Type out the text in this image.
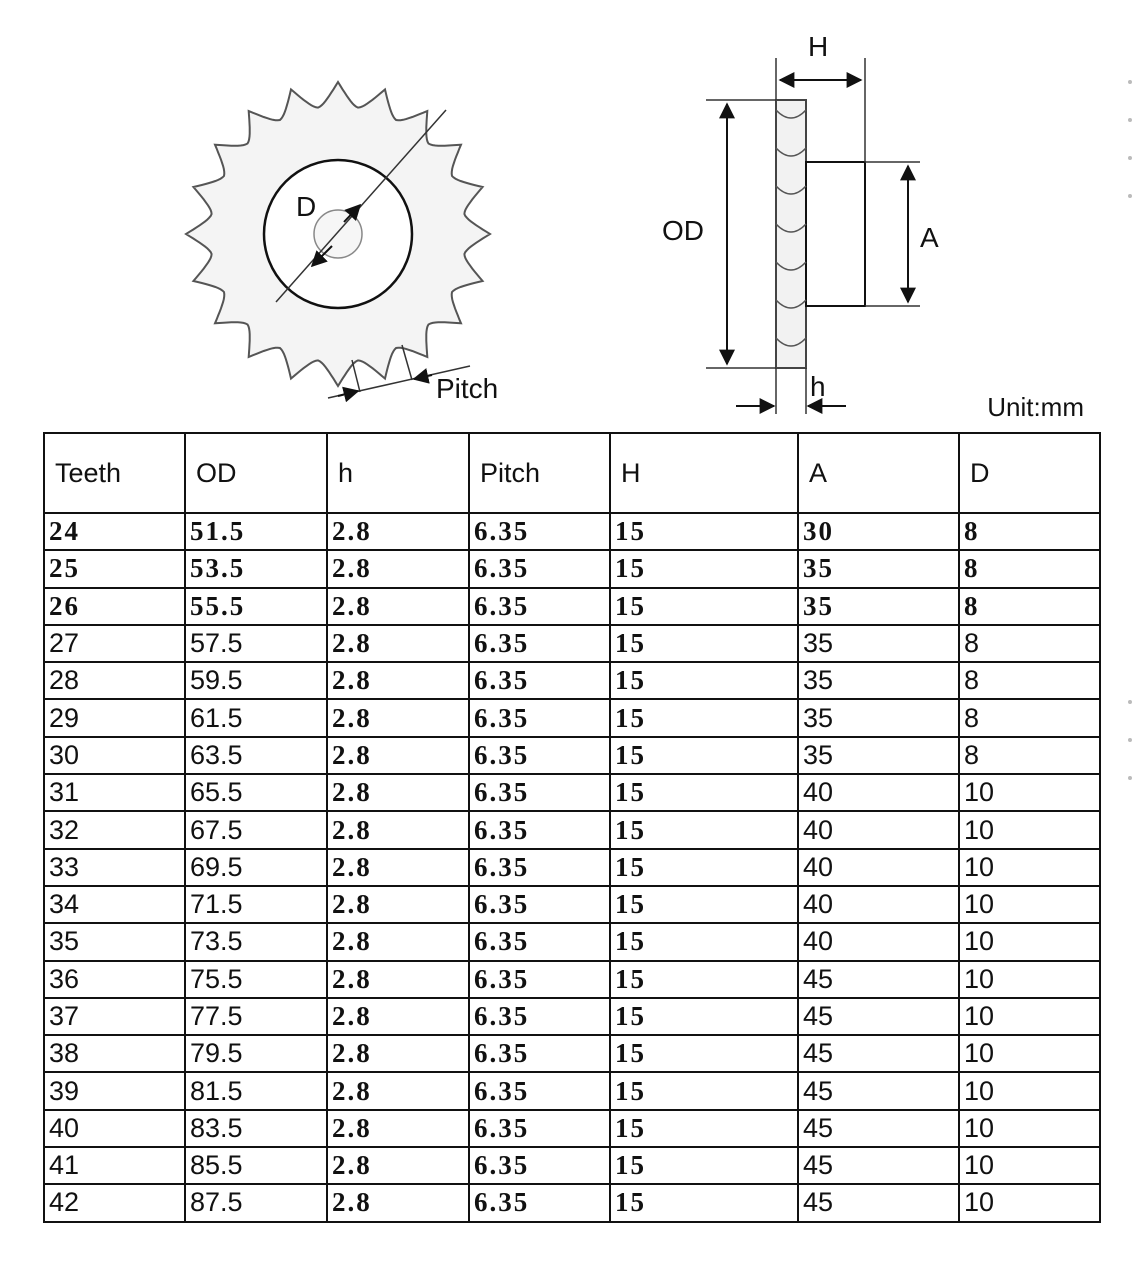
D
Pitch
OD	A
H
h
Unit:mm
Teeth	OD	h	Pitch	H	A	D
24	51.5	2.8	6.35	15	30	8
25	53.5	2.8	6.35	15	35	8
26	55.5	2.8	6.35	15	35	8
27	57.5	2.8	6.35	15	35	8
28	59.5	2.8	6.35	15	35	8
29	61.5	2.8	6.35	15	35	8
30	63.5	2.8	6.35	15	35	8
31	65.5	2.8	6.35	15	40	10
32	67.5	2.8	6.35	15	40	10
33	69.5	2.8	6.35	15	40	10
34	71.5	2.8	6.35	15	40	10
35	73.5	2.8	6.35	15	40	10
36	75.5	2.8	6.35	15	45	10
37	77.5	2.8	6.35	15	45	10
38	79.5	2.8	6.35	15	45	10
39	81.5	2.8	6.35	15	45	10
40	83.5	2.8	6.35	15	45	10
41	85.5	2.8	6.35	15	45	10
42	87.5	2.8	6.35	15	45	10
